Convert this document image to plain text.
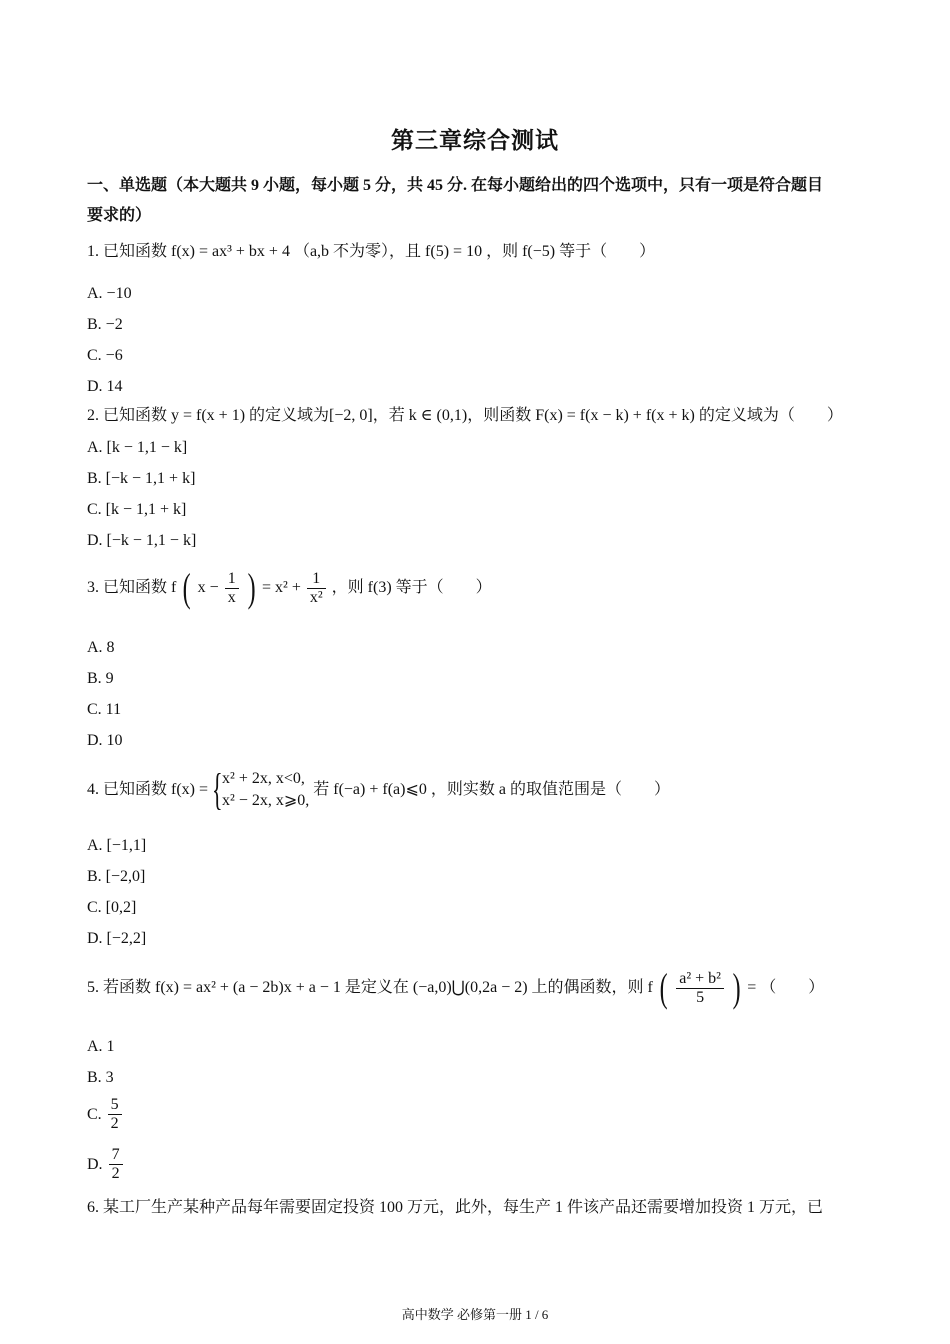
第三章综合测试
一、单选题（本大题共 9 小题，每小题 5 分，共 45 分. 在每小题给出的四个选项中，只有一项是符合题目
要求的）
1. 已知函数 f(x) = ax³ + bx + 4 （a,b 不为零），且 f(5) = 10 ，则 f(−5) 等于（　　）
A. −10
B. −2
C. −6
D. 14
2. 已知函数 y = f(x + 1) 的定义域为[−2, 0]，若 k ∈ (0,1)，则函数 F(x) = f(x − k) + f(x + k) 的定义域为（　　）
A. [k − 1,1 − k]
B. [−k − 1,1 + k]
C. [k − 1,1 + k]
D. [−k − 1,1 − k]
3. 已知函数 f ( $x - \frac{1}{x}$ ) = $x^2 + \frac{1}{\text{x²}}$ ，则 f(3) 等于（　　）
A. 8
B. 9
C. 11
D. 10
4. 已知函数 f(x) = { x² + 2x, x<0,
x² − 2x, x⩾0,
若 f(−a) + f(a)⩽0 ，则实数 a 的取值范围是（　　）
A. [−1,1]
B. [−2,0]
C. [0,2]
D. [−2,2]
5. 若函数 f(x) = ax² + (a − 2b)x + a − 1 是定义在 (−a,0)⋃(0,2a − 2) 上的偶函数，则 f ( $\frac{\text{a² + b²}}{5}$ ) = （　　）
A. 1
B. 3
C. $\frac{5}{2}$
D. $\frac{7}{2}$
6. 某工厂生产某种产品每年需要固定投资 100 万元，此外，每生产 1 件该产品还需要增加投资 1 万元，已
高中数学 必修第一册 1 / 6
